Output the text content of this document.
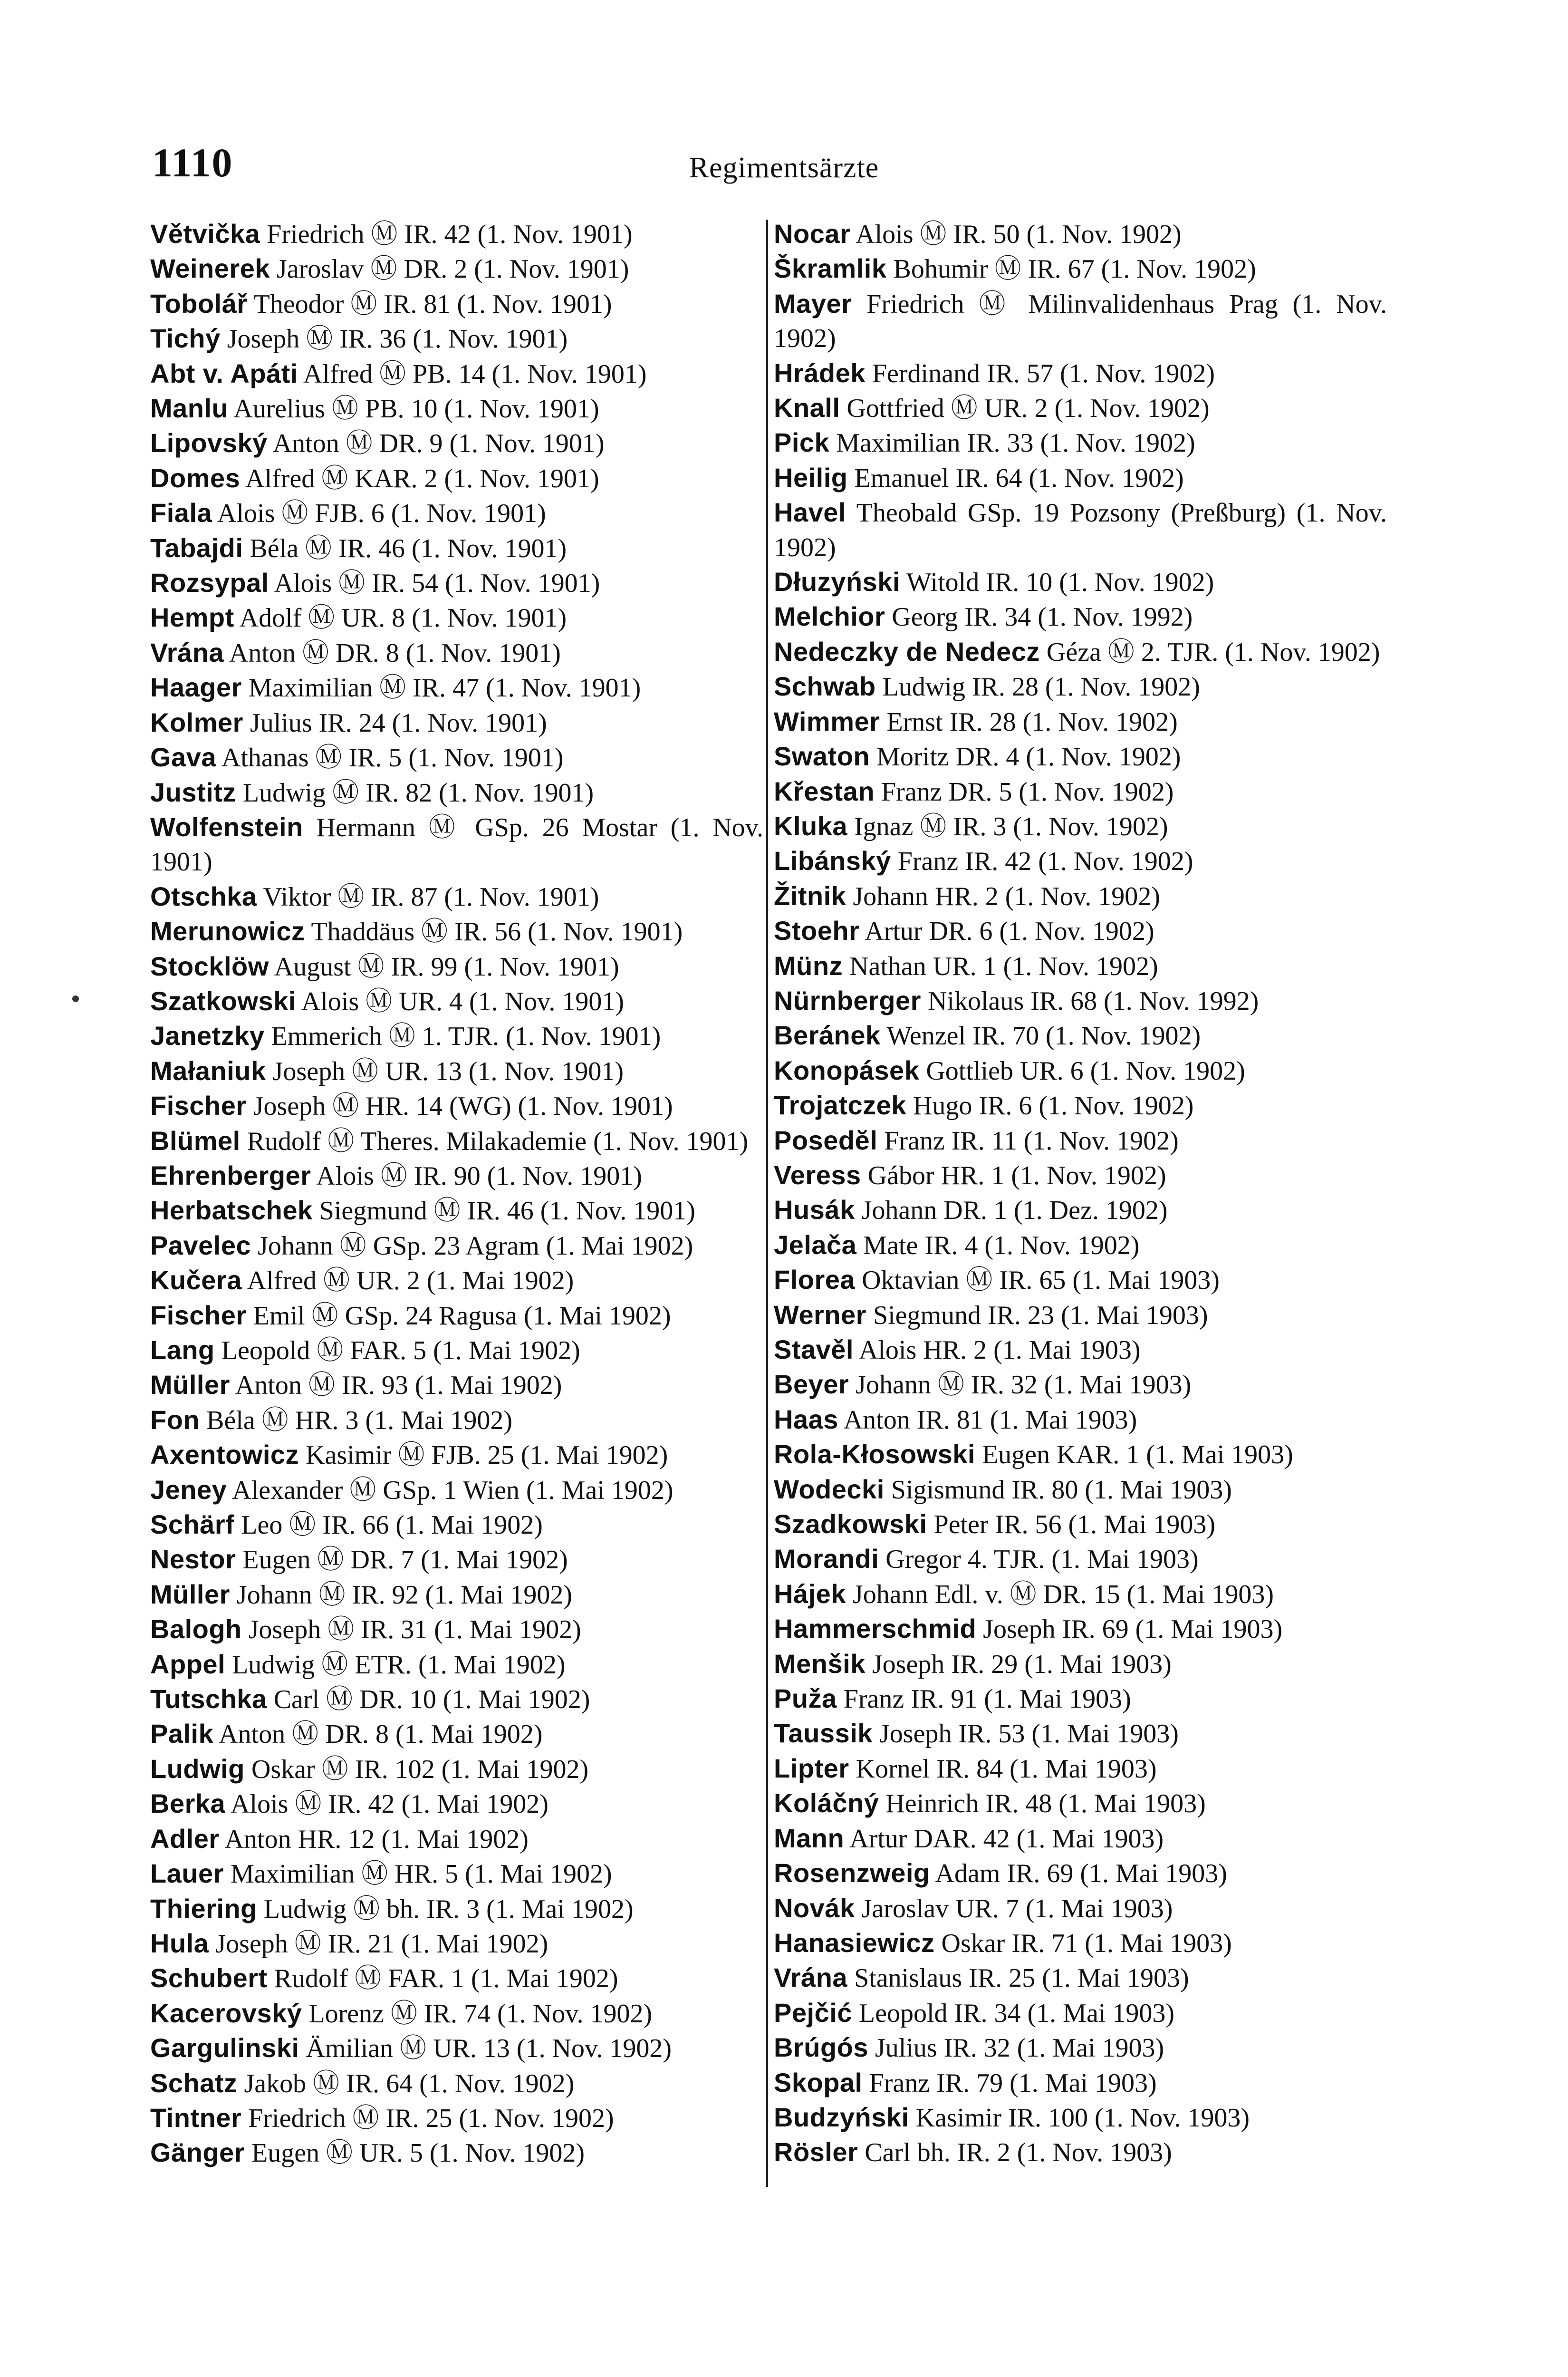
1110	Regimentsärzte
Větvička Friedrich Ⓜ IR. 42 (1. Nov. 1901)
Weinerek Jaroslav Ⓜ DR. 2 (1. Nov. 1901)
Tobolář Theodor Ⓜ IR. 81 (1. Nov. 1901)
Tichý Joseph Ⓜ IR. 36 (1. Nov. 1901)
Abt v. Apáti Alfred Ⓜ PB. 14 (1. Nov. 1901)
Manlu Aurelius Ⓜ PB. 10 (1. Nov. 1901)
Lipovský Anton Ⓜ DR. 9 (1. Nov. 1901)
Domes Alfred Ⓜ KAR. 2 (1. Nov. 1901)
Fiala Alois Ⓜ FJB. 6 (1. Nov. 1901)
Tabajdi Béla Ⓜ IR. 46 (1. Nov. 1901)
Rozsypal Alois Ⓜ IR. 54 (1. Nov. 1901)
Hempt Adolf Ⓜ UR. 8 (1. Nov. 1901)
Vrána Anton Ⓜ DR. 8 (1. Nov. 1901)
Haager Maximilian Ⓜ IR. 47 (1. Nov. 1901)
Kolmer Julius IR. 24 (1. Nov. 1901)
Gava Athanas Ⓜ IR. 5 (1. Nov. 1901)
Justitz Ludwig Ⓜ IR. 82 (1. Nov. 1901)
Wolfenstein Hermann Ⓜ GSp. 26 Mostar (1. Nov. 1901)
Otschka Viktor Ⓜ IR. 87 (1. Nov. 1901)
Merunowicz Thaddäus Ⓜ IR. 56 (1. Nov. 1901)
Stocklöw August Ⓜ IR. 99 (1. Nov. 1901)
Szatkowski Alois Ⓜ UR. 4 (1. Nov. 1901)
Janetzky Emmerich Ⓜ 1. TJR. (1. Nov. 1901)
Małaniuk Joseph Ⓜ UR. 13 (1. Nov. 1901)
Fischer Joseph Ⓜ HR. 14 (WG) (1. Nov. 1901)
Blümel Rudolf Ⓜ Theres. Milakademie (1. Nov. 1901)
Ehrenberger Alois Ⓜ IR. 90 (1. Nov. 1901)
Herbatschek Siegmund Ⓜ IR. 46 (1. Nov. 1901)
Pavelec Johann Ⓜ GSp. 23 Agram (1. Mai 1902)
Kučera Alfred Ⓜ UR. 2 (1. Mai 1902)
Fischer Emil Ⓜ GSp. 24 Ragusa (1. Mai 1902)
Lang Leopold Ⓜ FAR. 5 (1. Mai 1902)
Müller Anton Ⓜ IR. 93 (1. Mai 1902)
Fon Béla Ⓜ HR. 3 (1. Mai 1902)
Axentowicz Kasimir Ⓜ FJB. 25 (1. Mai 1902)
Jeney Alexander Ⓜ GSp. 1 Wien (1. Mai 1902)
Schärf Leo Ⓜ IR. 66 (1. Mai 1902)
Nestor Eugen Ⓜ DR. 7 (1. Mai 1902)
Müller Johann Ⓜ IR. 92 (1. Mai 1902)
Balogh Joseph Ⓜ IR. 31 (1. Mai 1902)
Appel Ludwig Ⓜ ETR. (1. Mai 1902)
Tutschka Carl Ⓜ DR. 10 (1. Mai 1902)
Palik Anton Ⓜ DR. 8 (1. Mai 1902)
Ludwig Oskar Ⓜ IR. 102 (1. Mai 1902)
Berka Alois Ⓜ IR. 42 (1. Mai 1902)
Adler Anton HR. 12 (1. Mai 1902)
Lauer Maximilian Ⓜ HR. 5 (1. Mai 1902)
Thiering Ludwig Ⓜ bh. IR. 3 (1. Mai 1902)
Hula Joseph Ⓜ IR. 21 (1. Mai 1902)
Schubert Rudolf Ⓜ FAR. 1 (1. Mai 1902)
Kacerovský Lorenz Ⓜ IR. 74 (1. Nov. 1902)
Gargulinski Ämilian Ⓜ UR. 13 (1. Nov. 1902)
Schatz Jakob Ⓜ IR. 64 (1. Nov. 1902)
Tintner Friedrich Ⓜ IR. 25 (1. Nov. 1902)
Gänger Eugen Ⓜ UR. 5 (1. Nov. 1902)
Nocar Alois Ⓜ IR. 50 (1. Nov. 1902)
Škramlik Bohumir Ⓜ IR. 67 (1. Nov. 1902)
Mayer Friedrich Ⓜ Milinvalidenhaus Prag (1. Nov. 1902)
Hrádek Ferdinand IR. 57 (1. Nov. 1902)
Knall Gottfried Ⓜ UR. 2 (1. Nov. 1902)
Pick Maximilian IR. 33 (1. Nov. 1902)
Heilig Emanuel IR. 64 (1. Nov. 1902)
Havel Theobald GSp. 19 Pozsony (Preßburg) (1. Nov. 1902)
Dłuzyński Witold IR. 10 (1. Nov. 1902)
Melchior Georg IR. 34 (1. Nov. 1992)
Nedeczky de Nedecz Géza Ⓜ 2. TJR. (1. Nov. 1902)
Schwab Ludwig IR. 28 (1. Nov. 1902)
Wimmer Ernst IR. 28 (1. Nov. 1902)
Swaton Moritz DR. 4 (1. Nov. 1902)
Křestan Franz DR. 5 (1. Nov. 1902)
Kluka Ignaz Ⓜ IR. 3 (1. Nov. 1902)
Libánský Franz IR. 42 (1. Nov. 1902)
Žitnik Johann HR. 2 (1. Nov. 1902)
Stoehr Artur DR. 6 (1. Nov. 1902)
Münz Nathan UR. 1 (1. Nov. 1902)
Nürnberger Nikolaus IR. 68 (1. Nov. 1992)
Beránek Wenzel IR. 70 (1. Nov. 1902)
Konopásek Gottlieb UR. 6 (1. Nov. 1902)
Trojatczek Hugo IR. 6 (1. Nov. 1902)
Posedĕl Franz IR. 11 (1. Nov. 1902)
Veress Gábor HR. 1 (1. Nov. 1902)
Husák Johann DR. 1 (1. Dez. 1902)
Jelača Mate IR. 4 (1. Nov. 1902)
Florea Oktavian Ⓜ IR. 65 (1. Mai 1903)
Werner Siegmund IR. 23 (1. Mai 1903)
Stavěl Alois HR. 2 (1. Mai 1903)
Beyer Johann Ⓜ IR. 32 (1. Mai 1903)
Haas Anton IR. 81 (1. Mai 1903)
Rola-Kłosowski Eugen KAR. 1 (1. Mai 1903)
Wodecki Sigismund IR. 80 (1. Mai 1903)
Szadkowski Peter IR. 56 (1. Mai 1903)
Morandi Gregor 4. TJR. (1. Mai 1903)
Hájek Johann Edl. v. Ⓜ DR. 15 (1. Mai 1903)
Hammerschmid Joseph IR. 69 (1. Mai 1903)
Menšik Joseph IR. 29 (1. Mai 1903)
Puža Franz IR. 91 (1. Mai 1903)
Taussik Joseph IR. 53 (1. Mai 1903)
Lipter Kornel IR. 84 (1. Mai 1903)
Koláčný Heinrich IR. 48 (1. Mai 1903)
Mann Artur DAR. 42 (1. Mai 1903)
Rosenzweig Adam IR. 69 (1. Mai 1903)
Novák Jaroslav UR. 7 (1. Mai 1903)
Hanasiewicz Oskar IR. 71 (1. Mai 1903)
Vrána Stanislaus IR. 25 (1. Mai 1903)
Pejčić Leopold IR. 34 (1. Mai 1903)
Brúgós Julius IR. 32 (1. Mai 1903)
Skopal Franz IR. 79 (1. Mai 1903)
Budzyński Kasimir IR. 100 (1. Nov. 1903)
Rösler Carl bh. IR. 2 (1. Nov. 1903)
